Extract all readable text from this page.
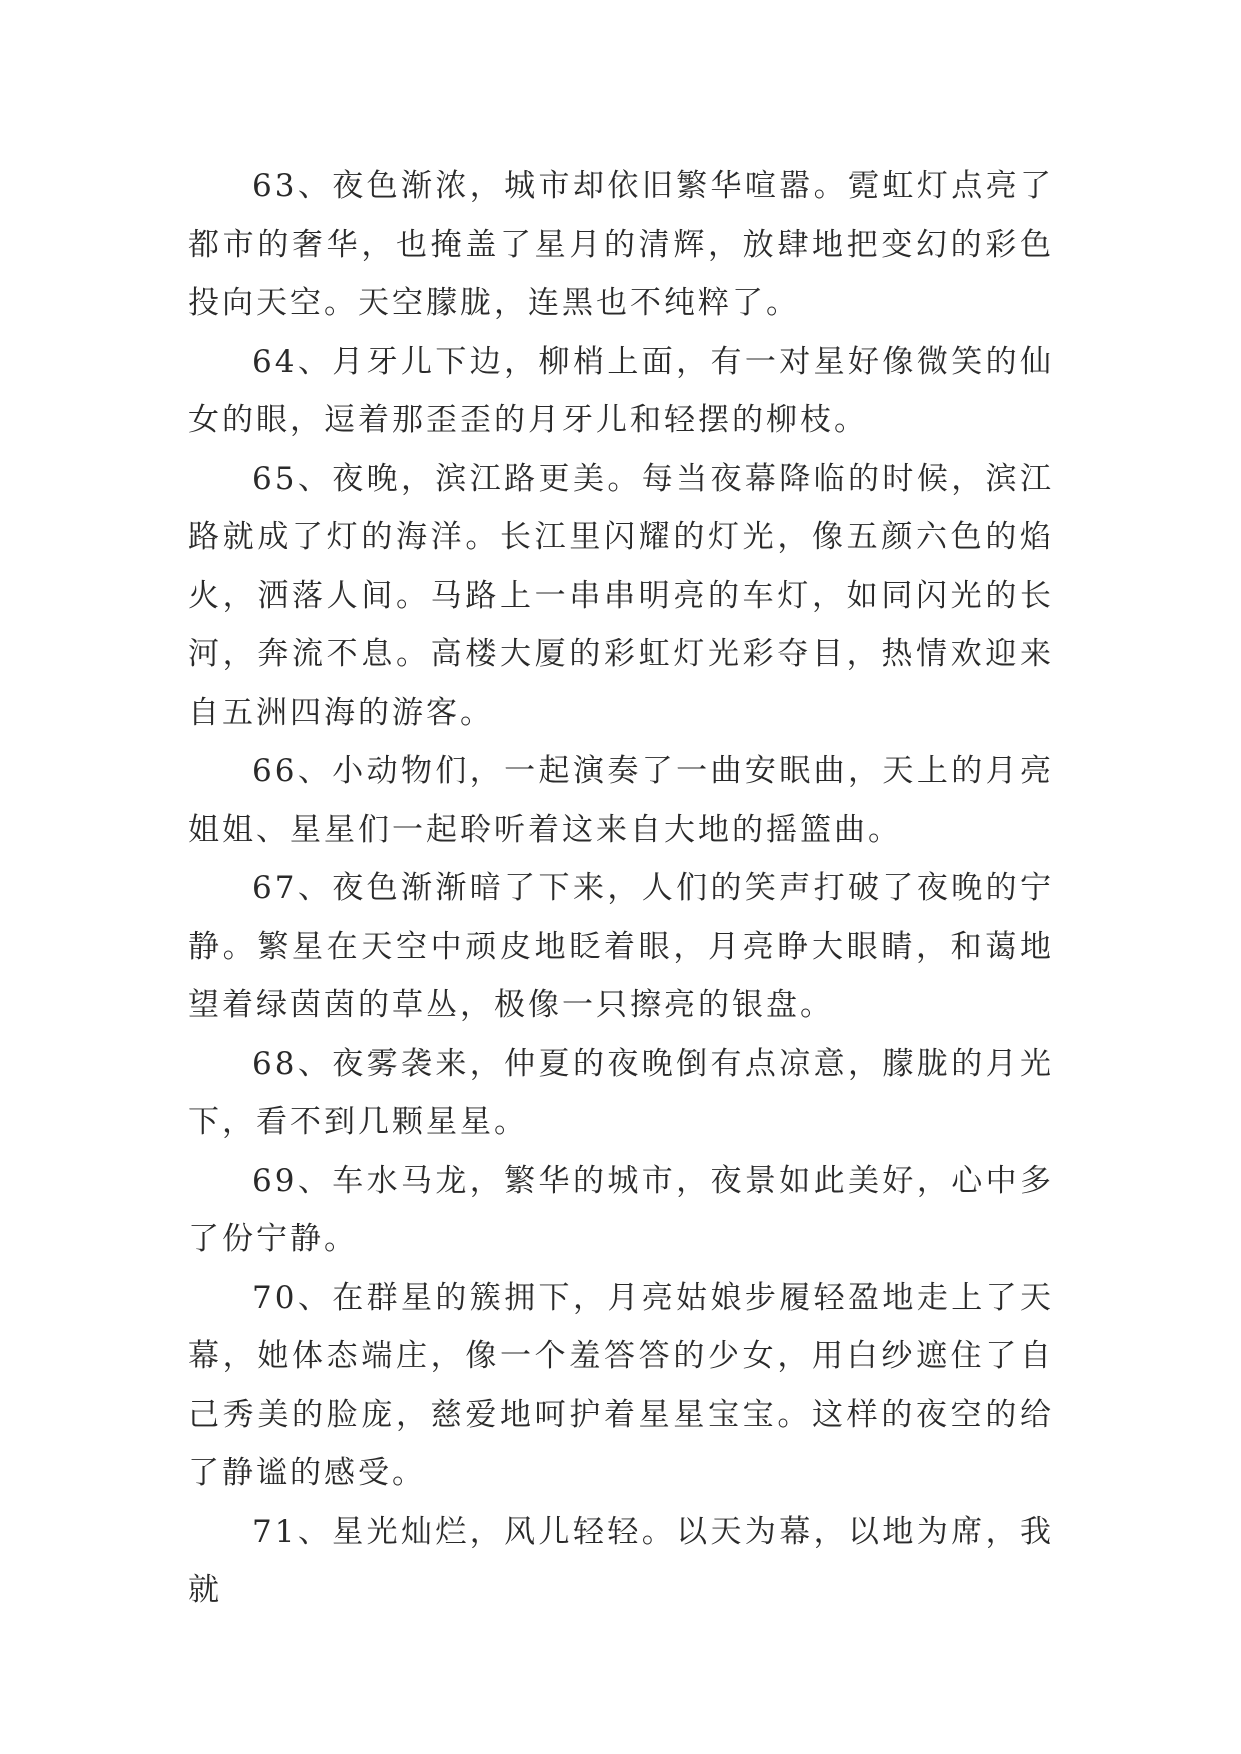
63、夜色渐浓，城市却依旧繁华喧嚣。霓虹灯点亮了都市的奢华，也掩盖了星月的清辉，放肆地把变幻的彩色投向天空。天空朦胧，连黑也不纯粹了。

64、月牙儿下边，柳梢上面，有一对星好像微笑的仙女的眼，逗着那歪歪的月牙儿和轻摆的柳枝。

65、夜晚，滨江路更美。每当夜幕降临的时候，滨江路就成了灯的海洋。长江里闪耀的灯光，像五颜六色的焰火，洒落人间。马路上一串串明亮的车灯，如同闪光的长河，奔流不息。高楼大厦的彩虹灯光彩夺目，热情欢迎来自五洲四海的游客。

66、小动物们，一起演奏了一曲安眠曲，天上的月亮姐姐、星星们一起聆听着这来自大地的摇篮曲。

67、夜色渐渐暗了下来，人们的笑声打破了夜晚的宁静。繁星在天空中顽皮地眨着眼，月亮睁大眼睛，和蔼地望着绿茵茵的草丛，极像一只擦亮的银盘。

68、夜雾袭来，仲夏的夜晚倒有点凉意，朦胧的月光下，看不到几颗星星。

69、车水马龙，繁华的城市，夜景如此美好，心中多了份宁静。

70、在群星的簇拥下，月亮姑娘步履轻盈地走上了天幕，她体态端庄，像一个羞答答的少女，用白纱遮住了自己秀美的脸庞，慈爱地呵护着星星宝宝。这样的夜空的给了静谧的感受。

71、星光灿烂，风儿轻轻。以天为幕，以地为席，我就
